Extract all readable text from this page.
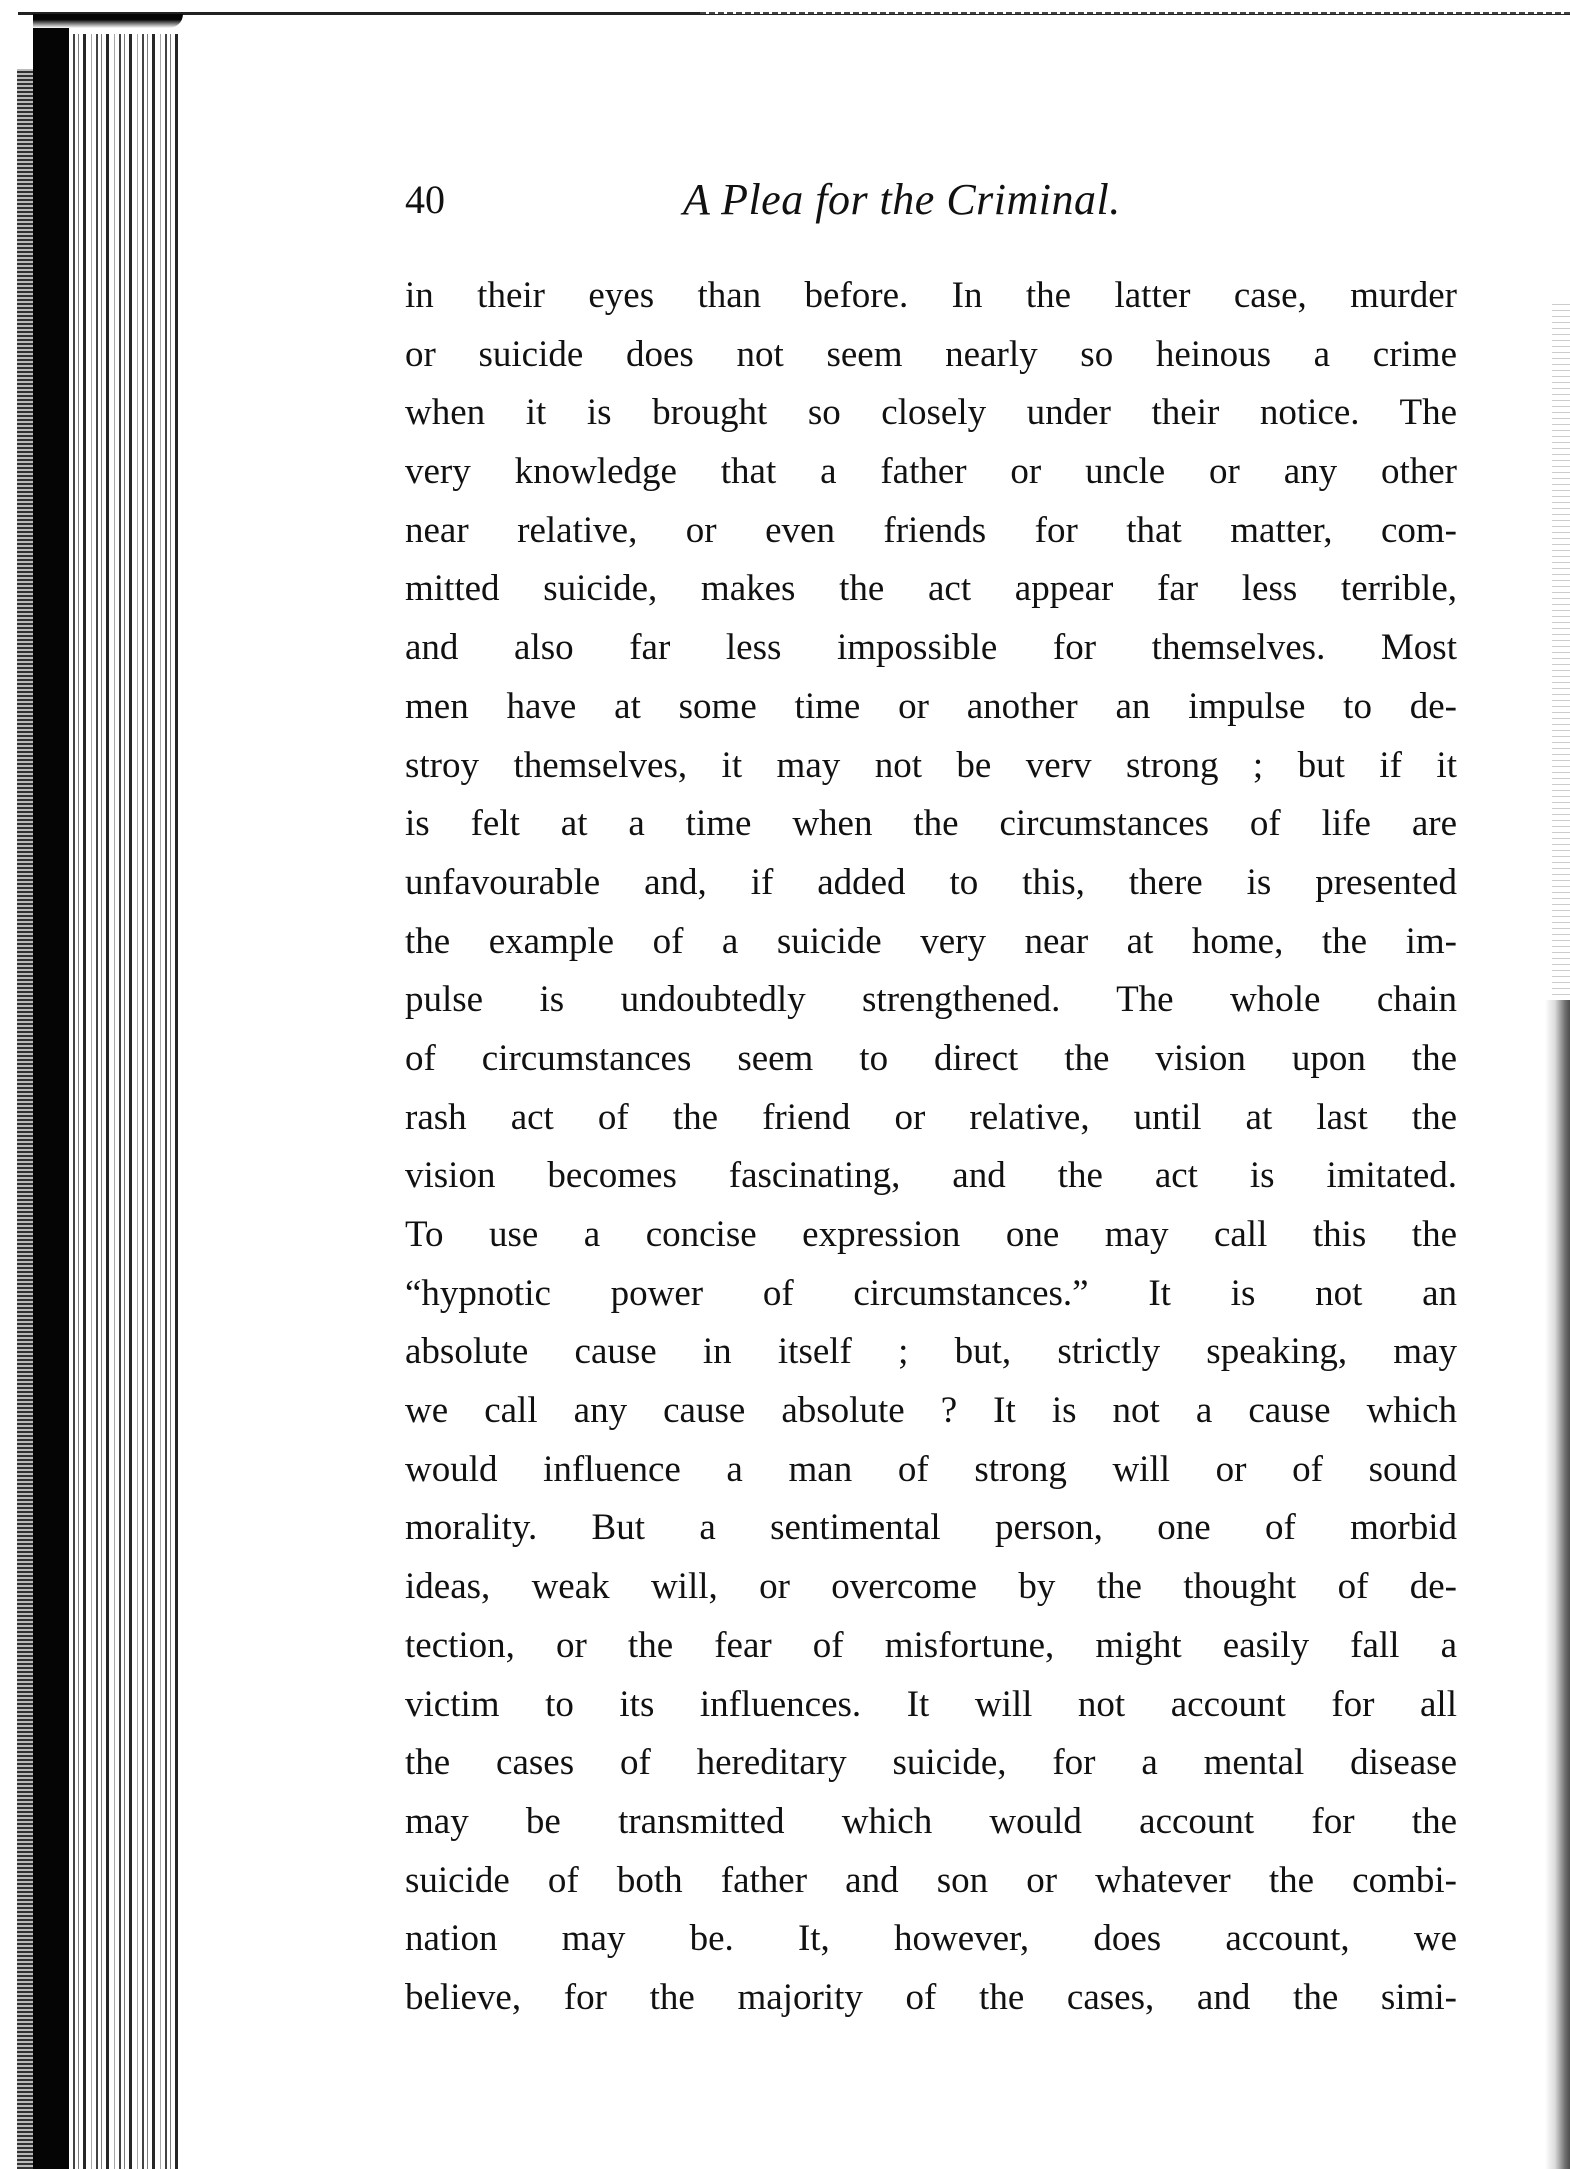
40	A Plea for the Criminal.
in their eyes than before. In the latter case, murder
or suicide does not seem nearly so heinous a crime
when it is brought so closely under their notice. The
very knowledge that a father or uncle or any other
near relative, or even friends for that matter, com-
mitted suicide, makes the act appear far less terrible,
and also far less impossible for themselves. Most
men have at some time or another an impulse to de-
stroy themselves, it may not be verv strong ; but if it
is felt at a time when the circumstances of life are
unfavourable and, if added to this, there is presented
the example of a suicide very near at home, the im-
pulse is undoubtedly strengthened. The whole chain
of circumstances seem to direct the vision upon the
rash act of the friend or relative, until at last the
vision becomes fascinating, and the act is imitated.
To use a concise expression one may call this the
“hypnotic power of circumstances.” It is not an
absolute cause in itself ; but, strictly speaking, may
we call any cause absolute ? It is not a cause which
would influence a man of strong will or of sound
morality. But a sentimental person, one of morbid
ideas, weak will, or overcome by the thought of de-
tection, or the fear of misfortune, might easily fall a
victim to its influences. It will not account for all
the cases of hereditary suicide, for a mental disease
may be transmitted which would account for the
suicide of both father and son or whatever the combi-
nation may be. It, however, does account, we
believe, for the majority of the cases, and the simi-
